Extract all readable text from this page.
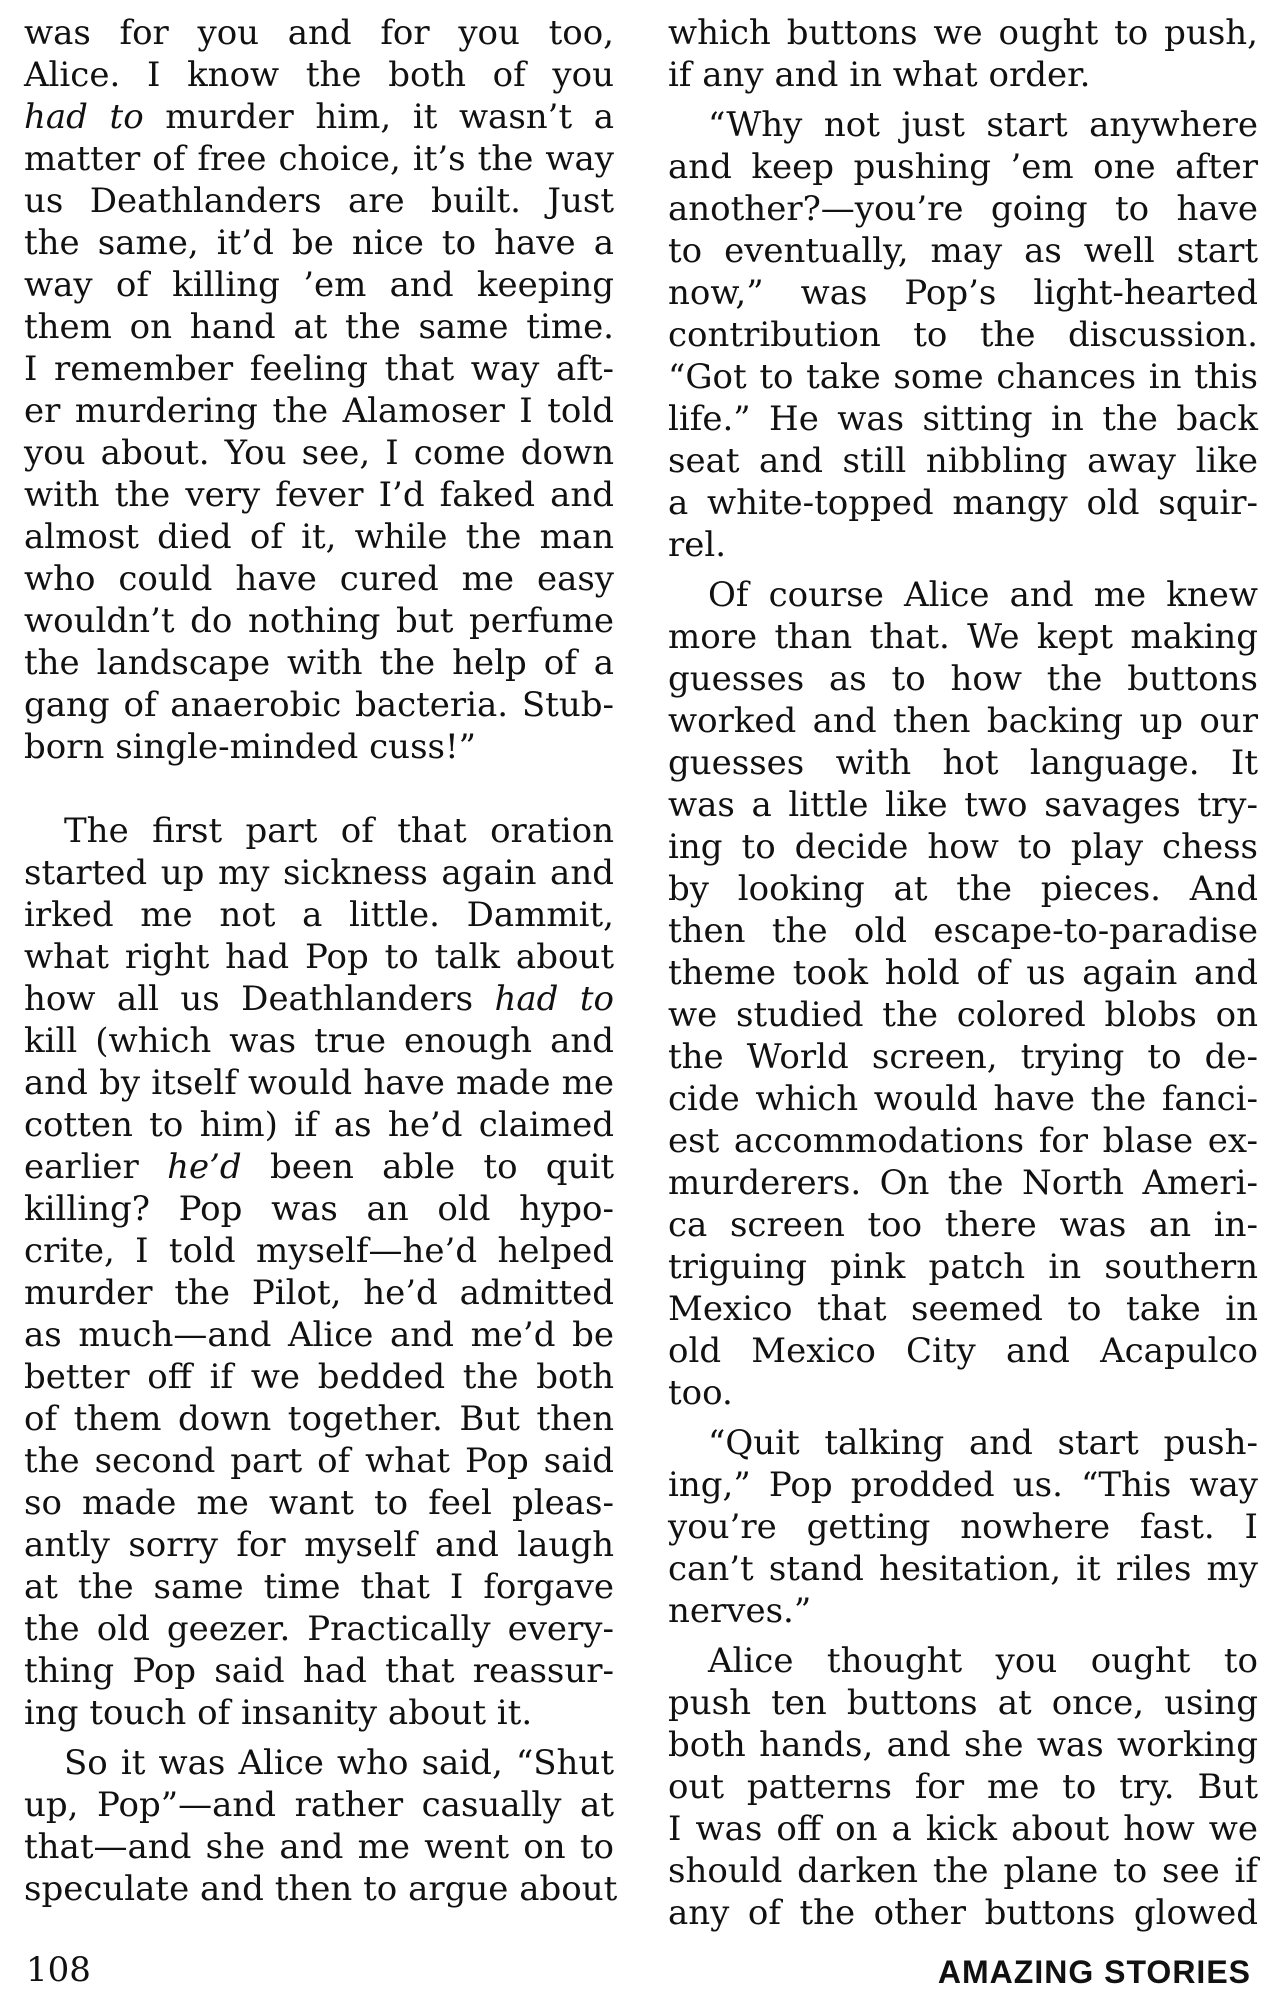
was for you and for you too,
Alice. I know the both of you
had to murder him, it wasn’t a
matter of free choice, it’s the way
us Deathlanders are built. Just
the same, it’d be nice to have a
way of killing ’em and keeping
them on hand at the same time.
I remember feeling that way aft-
er murdering the Alamoser I told
you about. You see, I come down
with the very fever I’d faked and
almost died of it, while the man
who could have cured me easy
wouldn’t do nothing but perfume
the landscape with the help of a
gang of anaerobic bacteria. Stub-
born single-minded cuss!”
The first part of that oration
started up my sickness again and
irked me not a little. Dammit,
what right had Pop to talk about
how all us Deathlanders had to
kill (which was true enough and
and by itself would have made me
cotten to him) if as he’d claimed
earlier he’d been able to quit
killing? Pop was an old hypo-
crite, I told myself—he’d helped
murder the Pilot, he’d admitted
as much—and Alice and me’d be
better off if we bedded the both
of them down together. But then
the second part of what Pop said
so made me want to feel pleas-
antly sorry for myself and laugh
at the same time that I forgave
the old geezer. Practically every-
thing Pop said had that reassur-
ing touch of insanity about it.
So it was Alice who said, “Shut
up, Pop”—and rather casually at
that—and she and me went on to
speculate and then to argue about
which buttons we ought to push,
if any and in what order.
“Why not just start anywhere
and keep pushing ’em one after
another?—you’re going to have
to eventually, may as well start
now,” was Pop’s light-hearted
contribution to the discussion.
“Got to take some chances in this
life.” He was sitting in the back
seat and still nibbling away like
a white-topped mangy old squir-
rel.
Of course Alice and me knew
more than that. We kept making
guesses as to how the buttons
worked and then backing up our
guesses with hot language. It
was a little like two savages try-
ing to decide how to play chess
by looking at the pieces. And
then the old escape-to-paradise
theme took hold of us again and
we studied the colored blobs on
the World screen, trying to de-
cide which would have the fanci-
est accommodations for blase ex-
murderers. On the North Ameri-
ca screen too there was an in-
triguing pink patch in southern
Mexico that seemed to take in
old Mexico City and Acapulco
too.
“Quit talking and start push-
ing,” Pop prodded us. “This way
you’re getting nowhere fast. I
can’t stand hesitation, it riles my
nerves.”
Alice thought you ought to
push ten buttons at once, using
both hands, and she was working
out patterns for me to try. But
I was off on a kick about how we
should darken the plane to see if
any of the other buttons glowed
108	AMAZING STORIES
